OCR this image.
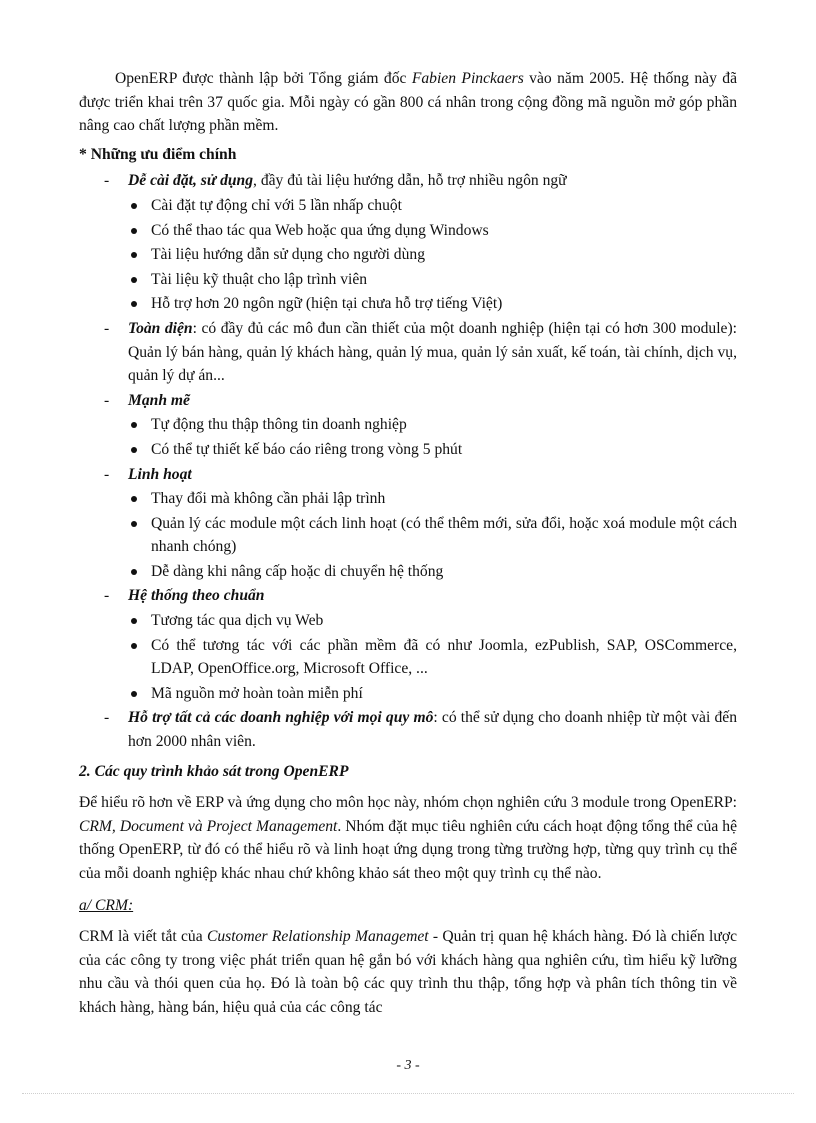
OpenERP được thành lập bởi Tổng giám đốc Fabien Pinckaers vào năm 2005. Hệ thống này đã được triển khai trên 37 quốc gia. Mỗi ngày có gần 800 cá nhân trong cộng đồng mã nguồn mở góp phần nâng cao chất lượng phần mềm.

* Những ưu điểm chính

- Dễ cài đặt, sử dụng, đầy đủ tài liệu hướng dẫn, hỗ trợ nhiều ngôn ngữ
Cài đặt tự động chỉ với 5 lần nhấp chuột
Có thể thao tác qua Web hoặc qua ứng dụng Windows
Tài liệu hướng dẫn sử dụng cho người dùng
Tài liệu kỹ thuật cho lập trình viên
Hỗ trợ hơn 20 ngôn ngữ (hiện tại chưa hỗ trợ tiếng Việt)
- Toàn diện: có đầy đủ các mô đun cần thiết của một doanh nghiệp (hiện tại có hơn 300 module): Quản lý bán hàng, quản lý khách hàng, quản lý mua, quản lý sản xuất, kế toán, tài chính, dịch vụ, quản lý dự án...
- Mạnh mẽ
Tự động thu thập thông tin doanh nghiệp
Có thể tự thiết kế báo cáo riêng trong vòng 5 phút
- Linh hoạt
Thay đổi mà không cần phải lập trình
Quản lý các module một cách linh hoạt (có thể thêm mới, sửa đổi, hoặc xoá module một cách nhanh chóng)
Dễ dàng khi nâng cấp hoặc di chuyển hệ thống
- Hệ thống theo chuẩn
Tương tác qua dịch vụ Web
Có thể tương tác với các phần mềm đã có như Joomla, ezPublish, SAP, OSCommerce, LDAP, OpenOffice.org, Microsoft Office, ...
Mã nguồn mở hoàn toàn miễn phí
- Hỗ trợ tất cả các doanh nghiệp với mọi quy mô: có thể sử dụng cho doanh nhiệp từ một vài đến hơn 2000 nhân viên.

2. Các quy trình khảo sát trong OpenERP

Để hiểu rõ hơn về ERP và ứng dụng cho môn học này, nhóm chọn nghiên cứu 3 module trong OpenERP: CRM, Document và Project Management. Nhóm đặt mục tiêu nghiên cứu cách hoạt động tổng thể của hệ thống OpenERP, từ đó có thể hiểu rõ và linh hoạt ứng dụng trong từng trường hợp, từng quy trình cụ thể của mỗi doanh nghiệp khác nhau chứ không khảo sát theo một quy trình cụ thể nào.

a/ CRM:

CRM là viết tắt của Customer Relationship Managemet - Quản trị quan hệ khách hàng. Đó là chiến lược của các công ty trong việc phát triển quan hệ gắn bó với khách hàng qua nghiên cứu, tìm hiểu kỹ lưỡng nhu cầu và thói quen của họ. Đó là toàn bộ các quy trình thu thập, tổng hợp và phân tích thông tin về khách hàng, hàng bán, hiệu quả của các công tác

- 3 -
